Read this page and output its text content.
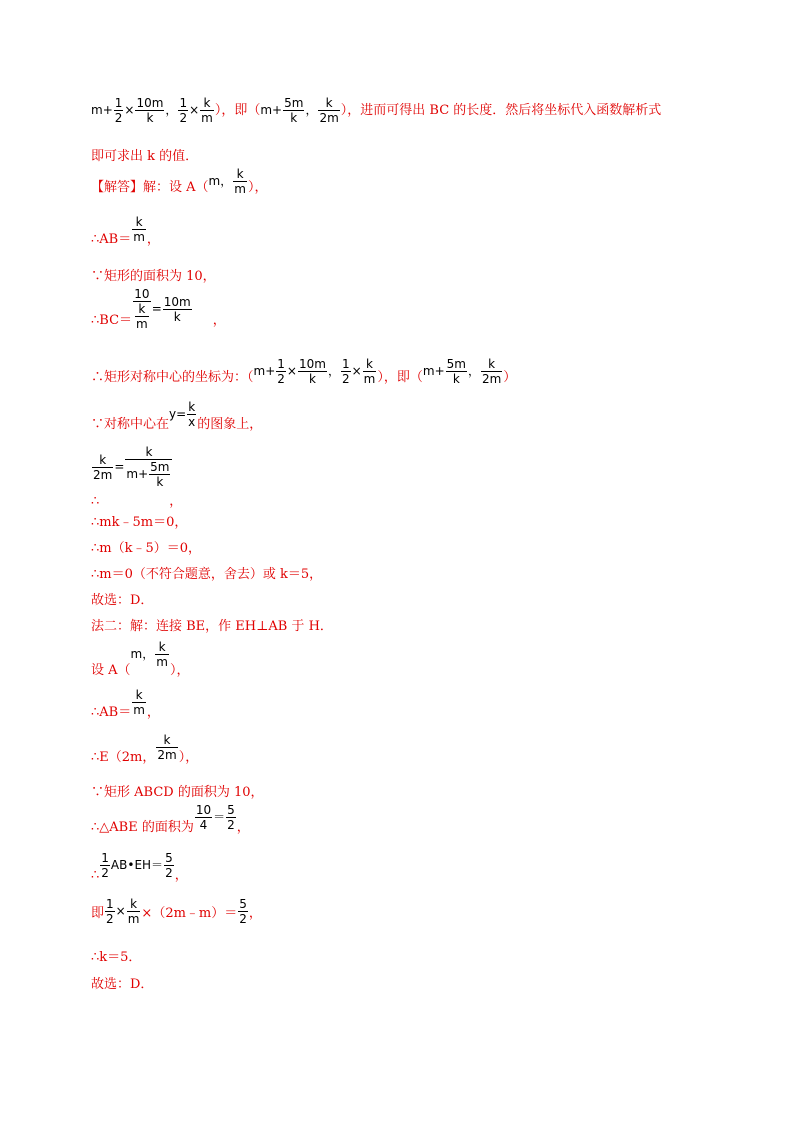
$m+ \frac{1}{2} \times \frac{10m}{k}$ ， $\frac{1}{2} \times \frac{k}{m}$ ），即（$m+ \frac{5m}{k}$ ， $\frac{k}{2m}$ ），进而可得出 BC 的长度．然后将坐标代入函数解析式
即可求出 k 的值．
【解答】解：设 A（m， $\frac{k}{m}$ ），
∴AB＝ $\frac{k}{m}$ ，
∵矩形的面积为 10，
∴BC＝ $\frac{10}{\frac{k}{m}} = \frac{10m}{k}$ ，
∴矩形对称中心的坐标为：（$m+ \frac{1}{2} \times \frac{10m}{k}$ ， $\frac{1}{2} \times \frac{k}{m}$ ），即（$m+ \frac{5m}{k}$ ， $\frac{k}{2m}$ ）
∵对称中心在$y= \frac{k}{x}$ 的图象上，
$\frac{k}{2m} = \frac{k}{m+ \frac{5m}{k}}$
∴	，
∴mk﹣5m＝0，
∴m（k﹣5）＝0，
∴m＝0（不符合题意，舍去）或 k＝5，
故选：D．
法二：解：连接 BE，作 EH⊥AB 于 H．
设 A（m， $\frac{k}{m}$
），
∴AB＝ $\frac{k}{m}$ ，
∴E（2m， $\frac{k}{2m}$ ），
∵矩形 ABCD 的面积为 10，
∴△ABE 的面积为 $\frac{10}{4} = \frac{5}{2}$ ，
∴ $\frac{1}{2}$ AB•EH＝ $\frac{5}{2}$ ，
即 $\frac{1}{2} \times \frac{k}{m}$ ×（2m﹣m）＝ $\frac{5}{2}$ ，
∴k＝5．
故选：D．
